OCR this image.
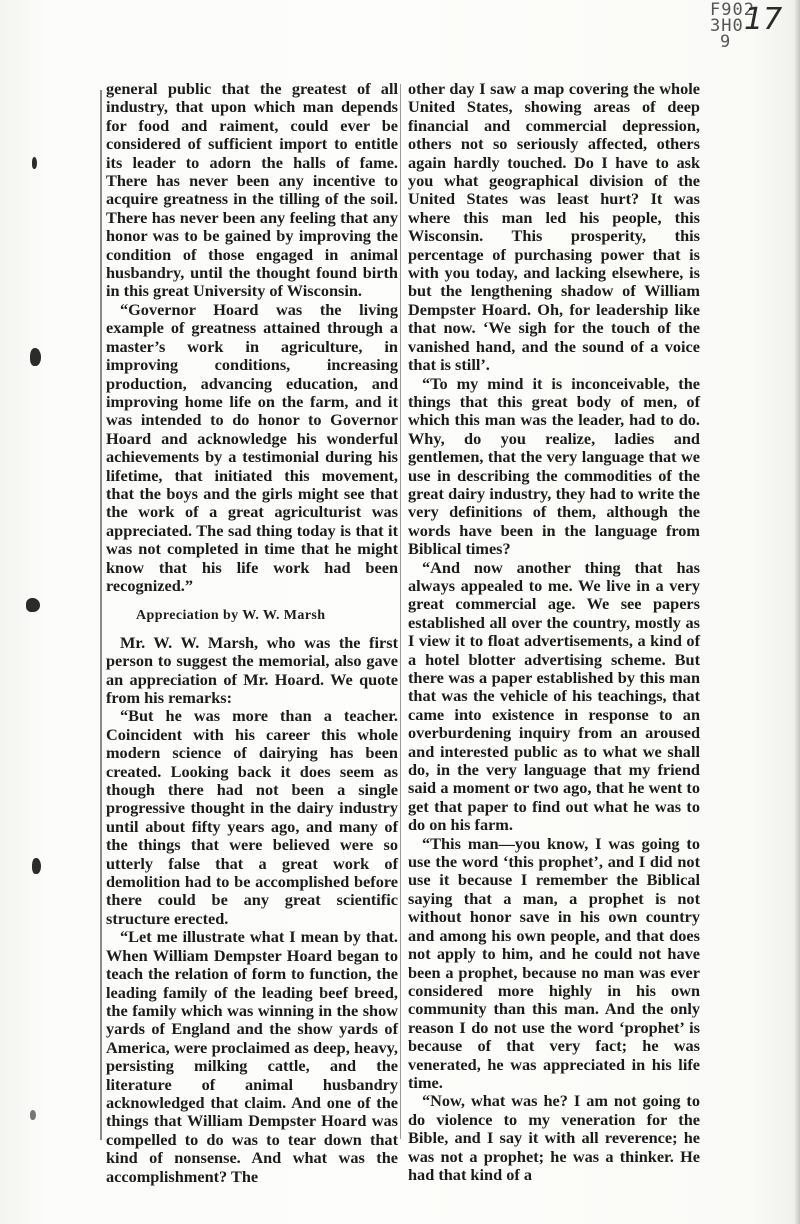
F902
3H0
9
17

general public that the greatest of all industry, that upon which man depends for food and raiment, could ever be considered of sufficient import to entitle its leader to adorn the halls of fame. There has never been any incentive to acquire greatness in the tilling of the soil. There has never been any feeling that any honor was to be gained by improving the condition of those engaged in animal husbandry, until the thought found birth in this great University of Wisconsin.

“Governor Hoard was the living example of greatness attained through a master’s work in agriculture, in improving conditions, increasing production, advancing education, and improving home life on the farm, and it was intended to do honor to Governor Hoard and acknowledge his wonderful achievements by a testimonial during his lifetime, that initiated this movement, that the boys and the girls might see that the work of a great agriculturist was appreciated. The sad thing today is that it was not completed in time that he might know that his life work had been recognized.”

Appreciation by W. W. Marsh

Mr. W. W. Marsh, who was the first person to suggest the memorial, also gave an appreciation of Mr. Hoard. We quote from his remarks:

“But he was more than a teacher. Coincident with his career this whole modern science of dairying has been created. Looking back it does seem as though there had not been a single progressive thought in the dairy industry until about fifty years ago, and many of the things that were believed were so utterly false that a great work of demolition had to be accomplished before there could be any great scientific structure erected.

“Let me illustrate what I mean by that. When William Dempster Hoard began to teach the relation of form to function, the leading family of the leading beef breed, the family which was winning in the show yards of England and the show yards of America, were proclaimed as deep, heavy, persisting milking cattle, and the literature of animal husbandry acknowledged that claim. And one of the things that William Dempster Hoard was compelled to do was to tear down that kind of nonsense. And what was the accomplishment? The

other day I saw a map covering the whole United States, showing areas of deep financial and commercial depression, others not so seriously affected, others again hardly touched. Do I have to ask you what geographical division of the United States was least hurt? It was where this man led his people, this Wisconsin. This prosperity, this percentage of purchasing power that is with you today, and lacking elsewhere, is but the lengthening shadow of William Dempster Hoard. Oh, for leadership like that now. ‘We sigh for the touch of the vanished hand, and the sound of a voice that is still’.

“To my mind it is inconceivable, the things that this great body of men, of which this man was the leader, had to do. Why, do you realize, ladies and gentlemen, that the very language that we use in describing the commodities of the great dairy industry, they had to write the very definitions of them, although the words have been in the language from Biblical times?

“And now another thing that has always appealed to me. We live in a very great commercial age. We see papers established all over the country, mostly as I view it to float advertisements, a kind of a hotel blotter advertising scheme. But there was a paper established by this man that was the vehicle of his teachings, that came into existence in response to an overburdening inquiry from an aroused and interested public as to what we shall do, in the very language that my friend said a moment or two ago, that he went to get that paper to find out what he was to do on his farm.

“This man—you know, I was going to use the word ‘this prophet’, and I did not use it because I remember the Biblical saying that a man, a prophet is not without honor save in his own country and among his own people, and that does not apply to him, and he could not have been a prophet, because no man was ever considered more highly in his own community than this man. And the only reason I do not use the word ‘prophet’ is because of that very fact; he was venerated, he was appreciated in his life time.

“Now, what was he? I am not going to do violence to my veneration for the Bible, and I say it with all reverence; he was not a prophet; he was a thinker. He had that kind of a
